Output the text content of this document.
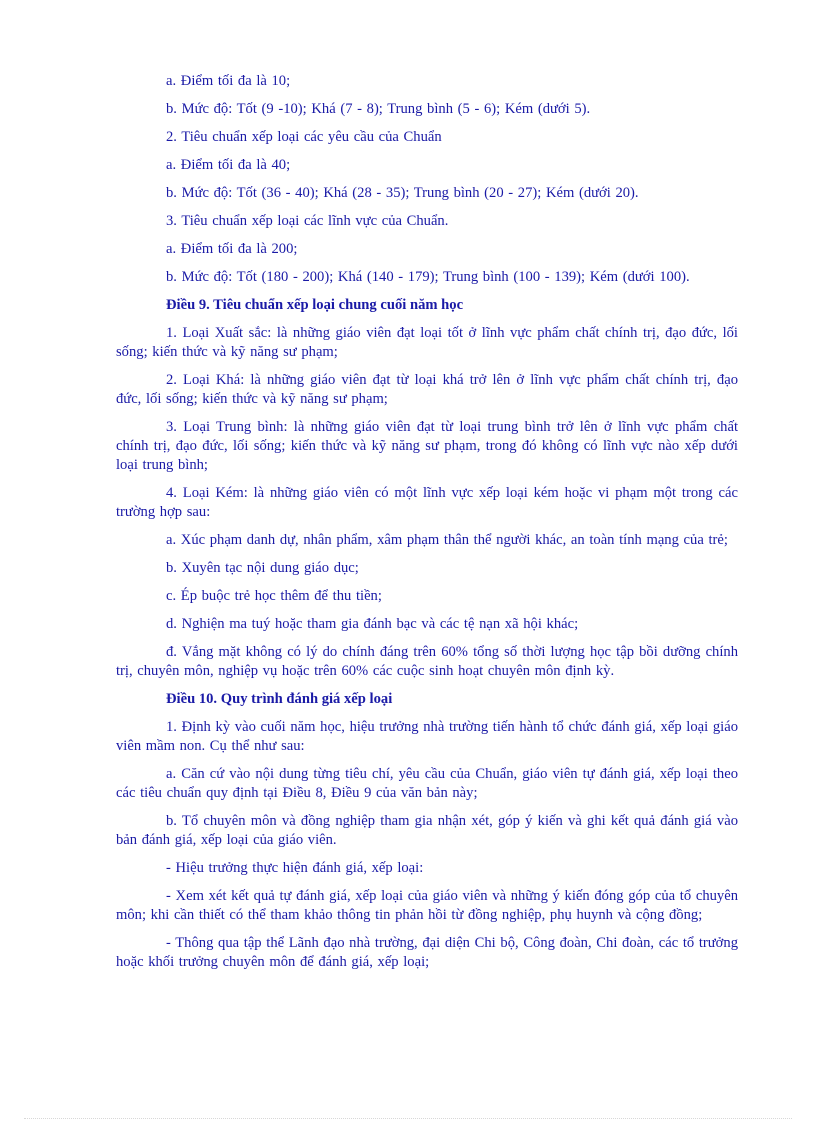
a. Điểm tối đa là 10;

b. Mức độ: Tốt (9 -10); Khá (7 - 8); Trung bình (5 - 6); Kém (dưới 5).

2. Tiêu chuẩn xếp loại các yêu cầu của Chuẩn

a. Điểm tối đa là 40;

b. Mức độ: Tốt (36 - 40); Khá (28 - 35); Trung bình (20 - 27); Kém (dưới 20).

3. Tiêu chuẩn xếp loại các lĩnh vực của Chuẩn.

a. Điểm tối đa là 200;

b. Mức độ: Tốt (180 - 200); Khá (140 - 179); Trung bình (100 - 139); Kém (dưới 100).

Điều 9. Tiêu chuẩn xếp loại chung cuối năm học

1. Loại Xuất sắc: là những giáo viên đạt loại tốt ở lĩnh vực phẩm chất chính trị, đạo đức, lối sống; kiến thức và kỹ năng sư phạm;

2. Loại Khá: là những giáo viên đạt từ loại khá trở lên ở lĩnh vực phẩm chất chính trị, đạo đức, lối sống; kiến thức và kỹ năng sư phạm;

3. Loại Trung bình: là những giáo viên đạt từ loại trung bình trở lên ở lĩnh vực phẩm chất chính trị, đạo đức, lối sống; kiến thức và kỹ năng sư phạm, trong đó không có lĩnh vực nào xếp dưới loại trung bình;

4. Loại Kém: là những giáo viên có một lĩnh vực xếp loại kém hoặc vi phạm một trong các trường hợp sau:

a. Xúc phạm danh dự, nhân phẩm, xâm phạm thân thể người khác, an toàn tính mạng của trẻ;

b. Xuyên tạc nội dung giáo dục;

c. Ép buộc trẻ học thêm để thu tiền;

d. Nghiện ma tuý hoặc tham gia đánh bạc và các tệ nạn xã hội khác;

đ. Vắng mặt không có lý do chính đáng trên 60% tổng số thời lượng học tập bồi dưỡng chính trị, chuyên môn, nghiệp vụ hoặc trên 60% các cuộc sinh hoạt chuyên môn định kỳ.

Điều 10. Quy trình đánh giá xếp loại

1. Định kỳ vào cuối năm học, hiệu trưởng nhà trường tiến hành tổ chức đánh giá, xếp loại giáo viên mầm non. Cụ thể như sau:

a. Căn cứ vào nội dung từng tiêu chí, yêu cầu của Chuẩn, giáo viên tự đánh giá, xếp loại theo các tiêu chuẩn quy định tại Điều 8, Điều 9 của văn bản này;

b. Tổ chuyên môn và đồng nghiệp tham gia nhận xét, góp ý kiến và ghi kết quả đánh giá vào bản đánh giá, xếp loại của giáo viên.

- Hiệu trưởng thực hiện đánh giá, xếp loại:

- Xem xét kết quả tự đánh giá, xếp loại của giáo viên và những ý kiến đóng góp của tổ chuyên môn; khi cần thiết có thể tham khảo thông tin phản hồi từ đồng nghiệp, phụ huynh và cộng đồng;

- Thông qua tập thể Lãnh đạo nhà trường, đại diện Chi bộ, Công đoàn, Chi đoàn, các tổ trưởng hoặc khối trưởng chuyên môn để đánh giá, xếp loại;
